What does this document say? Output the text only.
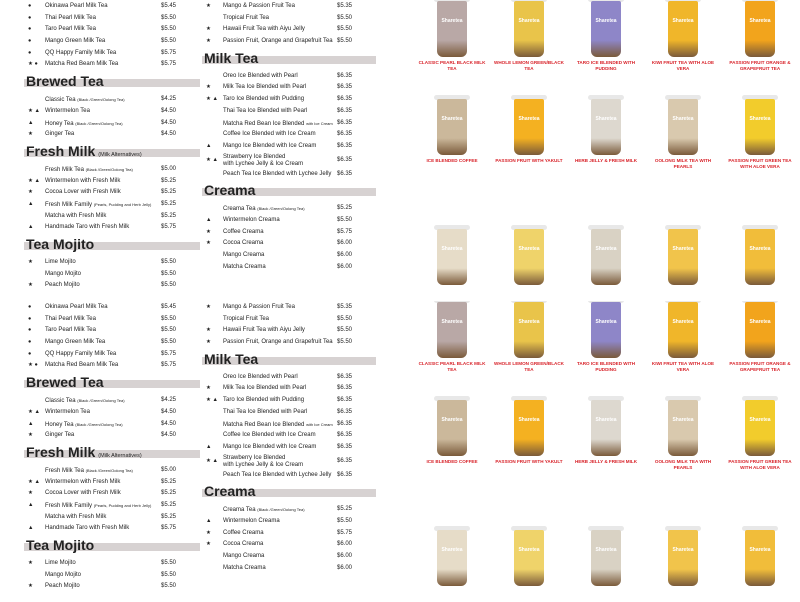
●	Okinawa Pearl Milk Tea	$5.45
●	Thai Pearl Milk Tea	$5.50
●	Taro Pearl Milk Tea	$5.50
●	Mango Green Milk Tea	$5.50
●	QQ Happy Family Milk Tea	$5.75
★ ●	Matcha Red Beam Milk Tea	$5.75
Brewed Tea
Classic Tea (Black /Green/Oolong Tea)	$4.25
★ ▲ Wintermelon Tea	$4.50
▲	Honey Tea (Black /Green/Oolong Tea)	$4.50
★	Ginger Tea	$4.50
Fresh Milk (Milk Alternatives)
Fresh Milk Tea (Black /Green/Oolong Tea)	$5.00
★ ▲ Wintermelon with Fresh Milk	$5.25
★	Cocoa Lover with Fresh Milk	$5.25
▲	Fresh Milk Family (Pearls, Pudding and Herb Jelly) $5.25
Matcha with Fresh Milk	$5.25
▲	Handmade Taro with Fresh Milk	$5.75
Tea Mojito
★	Lime Mojito	$5.50
Mango Mojito	$5.50
★	Peach Mojito	$5.50
★	Mango & Passion Fruit Tea	$5.35
Tropical Fruit Tea	$5.50
★	Hawaii Fruit Tea with Aiyu Jelly	$5.50
★	Passion Fruit, Orange and Grapefruit Tea $5.50
Milk Tea
Oreo Ice Blended with Pearl	$6.35
★	Milk Tea Ice Blended with Pearl	$6.35
★ ▲ Taro Ice Blended with Pudding	$6.35
Thai Tea Ice Blended with Pearl	$6.35
Matcha Red Bean Ice Blended with Ice Cream $6.35
Coffee Ice Blended with Ice Cream	$6.35
▲	Mango Ice Blended with Ice Cream	$6.35
★ ▲ Strawberry Ice Blended
with Lychee Jelly & Ice Cream
$6.35
Peach Tea Ice Blended with Lychee Jelly $6.35
Creama
Creama Tea (Black /Green/Oolong Tea)	$5.25
▲	Wintermelon Creama	$5.50
★	Coffee Creama	$5.75
★	Cocoa Creama	$6.00
Mango Creama	$6.00
Matcha Creama	$6.00
Sharetea
CLASSIC PEARL BLACK MILK TEA
Sharetea
WHOLE LEMON GREEN/BLACK TEA
Sharetea
TARO ICE BLENDED WITH PUDDING
Sharetea
KIWI FRUIT TEA WITH ALOE VERA
Sharetea
PASSION FRUIT ORANGE & GRAPEFRUIT TEA
Sharetea
ICE BLENDED COFFEE
Sharetea
PASSION FRUIT WITH YAKULT
Sharetea
HERB JELLY & FRESH MILK
Sharetea
OOLONG MILK TEA WITH PEARLS
Sharetea
PASSION FRUIT GREEN TEA WITH ALOE VERA
Sharetea	Sharetea	Sharetea	Sharetea	Sharetea
●	Okinawa Pearl Milk Tea	$5.45
●	Thai Pearl Milk Tea	$5.50
●	Taro Pearl Milk Tea	$5.50
●	Mango Green Milk Tea	$5.50
●	QQ Happy Family Milk Tea	$5.75
★ ●	Matcha Red Beam Milk Tea	$5.75
Brewed Tea
Classic Tea (Black /Green/Oolong Tea)	$4.25
★ ▲ Wintermelon Tea	$4.50
▲	Honey Tea (Black /Green/Oolong Tea)	$4.50
★	Ginger Tea	$4.50
Fresh Milk (Milk Alternatives)
Fresh Milk Tea (Black /Green/Oolong Tea)	$5.00
★ ▲ Wintermelon with Fresh Milk	$5.25
★	Cocoa Lover with Fresh Milk	$5.25
▲	Fresh Milk Family (Pearls, Pudding and Herb Jelly) $5.25
Matcha with Fresh Milk	$5.25
▲	Handmade Taro with Fresh Milk	$5.75
Tea Mojito
★	Lime Mojito	$5.50
Mango Mojito	$5.50
★	Peach Mojito	$5.50
★	Mango & Passion Fruit Tea	$5.35
Tropical Fruit Tea	$5.50
★	Hawaii Fruit Tea with Aiyu Jelly	$5.50
★	Passion Fruit, Orange and Grapefruit Tea $5.50
Milk Tea
Oreo Ice Blended with Pearl	$6.35
★	Milk Tea Ice Blended with Pearl	$6.35
★ ▲ Taro Ice Blended with Pudding	$6.35
Thai Tea Ice Blended with Pearl	$6.35
Matcha Red Bean Ice Blended with Ice Cream $6.35
Coffee Ice Blended with Ice Cream	$6.35
▲	Mango Ice Blended with Ice Cream	$6.35
★ ▲ Strawberry Ice Blended
with Lychee Jelly & Ice Cream
$6.35
Peach Tea Ice Blended with Lychee Jelly $6.35
Creama
Creama Tea (Black /Green/Oolong Tea)	$5.25
▲	Wintermelon Creama	$5.50
★	Coffee Creama	$5.75
★	Cocoa Creama	$6.00
Mango Creama	$6.00
Matcha Creama	$6.00
Sharetea
CLASSIC PEARL BLACK MILK TEA
Sharetea
WHOLE LEMON GREEN/BLACK TEA
Sharetea
TARO ICE BLENDED WITH PUDDING
Sharetea
KIWI FRUIT TEA WITH ALOE VERA
Sharetea
PASSION FRUIT ORANGE & GRAPEFRUIT TEA
Sharetea
ICE BLENDED COFFEE
Sharetea
PASSION FRUIT WITH YAKULT
Sharetea
HERB JELLY & FRESH MILK
Sharetea
OOLONG MILK TEA WITH PEARLS
Sharetea
PASSION FRUIT GREEN TEA WITH ALOE VERA
Sharetea	Sharetea	Sharetea	Sharetea	Sharetea
